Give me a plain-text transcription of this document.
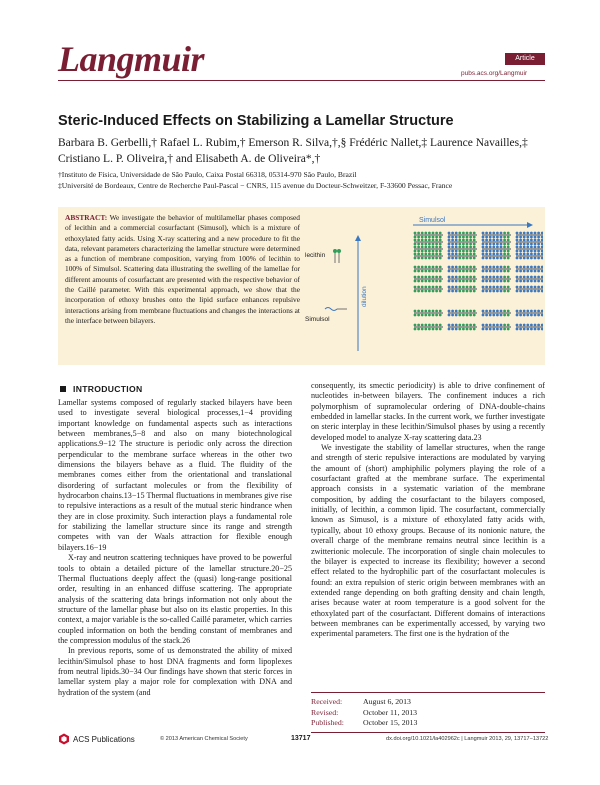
Langmuir	Article
pubs.acs.org/Langmuir
Steric-Induced Effects on Stabilizing a Lamellar Structure
Barbara B. Gerbelli,† Rafael L. Rubim,† Emerson R. Silva,†,§ Frédéric Nallet,‡ Laurence Navailles,‡
Cristiano L. P. Oliveira,† and Elisabeth A. de Oliveira*,†
†Instituto de Física, Universidade de São Paulo, Caixa Postal 66318, 05314-970 São Paulo, Brazil
‡Université de Bordeaux, Centre de Recherche Paul-Pascal − CNRS, 115 avenue du Docteur-Schweitzer, F-33600 Pessac, France
ABSTRACT: We investigate the behavior of multilamellar phases composed of lecithin and a commercial cosurfactant (Simusol), which is a mixture of ethoxylated fatty acids. Using X-ray scattering and a new procedure to fit the data, relevant parameters characterizing the lamellar structure were determined as a function of membrane composition, varying from 100% of lecithin to 100% of Simulsol. Scattering data illustrating the swelling of the lamellae for different amounts of cosurfactant are presented with the respective behavior of the Caillé parameter. With this experimental approach, we show that the incorporation of ethoxy brushes onto the lipid surface enhances repulsive interactions arising from membrane fluctuations and changes the interactions at the interface between bilayers.
Simulsol
dilution
lecithin
Simulsol
INTRODUCTION

Lamellar systems composed of regularly stacked bilayers have been used to investigate several biological processes,1−4 providing important knowledge on fundamental aspects such as interactions between membranes,5−8 and also on many biotechnological applications.9−12 The structure is periodic only across the direction perpendicular to the membrane surface whereas in the other two dimensions the bilayers behave as a fluid. The fluidity of the membranes comes either from the orientational and translational disordering of surfactant molecules or from the flexibility of hydrocarbon chains.13−15 Thermal fluctuations in membranes give rise to repulsive interactions as a result of the mutual steric hindrance when they are in close proximity. Such interaction plays a fundamental role for stabilizing the lamellar structure since its range and strength competes with van der Waals attraction for flexible enough bilayers.16−19

X-ray and neutron scattering techniques have proved to be powerful tools to obtain a detailed picture of the lamellar structure.20−25 Thermal fluctuations deeply affect the (quasi) long-range positional order, resulting in an enhanced diffuse scattering. The appropriate analysis of the scattering data brings information not only about the structure of the lamellar phase but also on its elastic properties. In this context, a major variable is the so-called Caillé parameter, which carries coupled information on both the bending constant of membranes and the compression modulus of the stack.26

In previous reports, some of us demonstrated the ability of mixed lecithin/Simulsol phase to host DNA fragments and form lipoplexes from neutral lipids.30−34 Our findings have shown that steric forces in lamellar system play a major role for complexation with DNA and hydration of the system (and

consequently, its smectic periodicity) is able to drive confinement of nucleotides in-between bilayers. The confinement induces a rich polymorphism of supramolecular ordering of DNA-double-chains embedded in lamellar stacks. In the current work, we further investigate on steric interplay in these lecithin/Simulsol phases by using a recently developed model to analyze X-ray scattering data.23

We investigate the stability of lamellar structures, when the range and strength of steric repulsive interactions are modulated by varying the amount of (short) amphiphilic polymers playing the role of a cosurfactant grafted at the membrane surface. The experimental approach consists in a systematic variation of the membrane composition, by adding the cosurfactant to the bilayers composed, initially, of lecithin, a common lipid. The cosurfactant, commercially known as Simusol, is a mixture of ethoxylated fatty acids with, typically, about 10 ethoxy groups. Because of its nonionic nature, the overall charge of the membrane remains neutral since lecithin is a zwitterionic molecule. The incorporation of single chain molecules to the bilayer is expected to increase its flexibility; however a second effect related to the hydrophilic part of the cosurfactant molecules is found: an extra repulsion of steric origin between membranes with an extended range depending on both grafting density and chain length, arises because water at room temperature is a good solvent for the ethoxylated part of the cosurfactant. Different domains of interactions between membranes can be experimentally accessed, by varying two experimental parameters. The first one is the hydration of the

Received:	August 6, 2013
Revised:	October 11, 2013
Published: October 15, 2013
ACS Publications	© 2013 American Chemical Society	13717	dx.doi.org/10.1021/la402962c | Langmuir 2013, 29, 13717−13722
